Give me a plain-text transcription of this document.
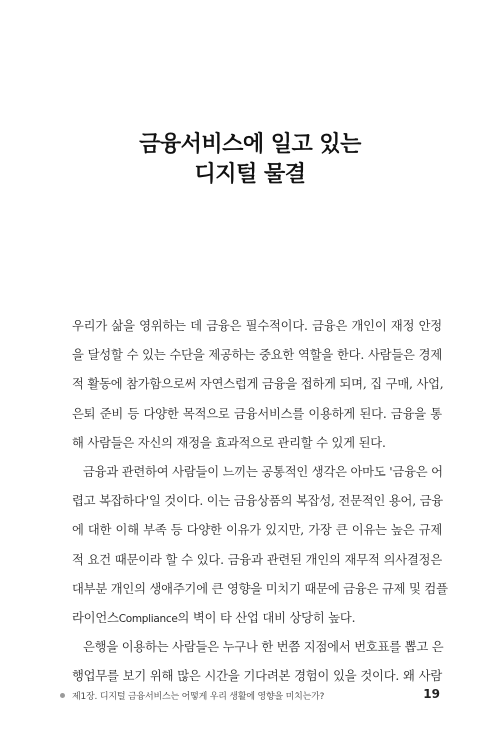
금융서비스에 일고 있는
디지털 물결
우리가 삶을 영위하는 데 금융은 필수적이다. 금융은 개인이 재정 안정
을 달성할 수 있는 수단을 제공하는 중요한 역할을 한다. 사람들은 경제
적 활동에 참가함으로써 자연스럽게 금융을 접하게 되며, 집 구매, 사업,
은퇴 준비 등 다양한 목적으로 금융서비스를 이용하게 된다. 금융을 통
해 사람들은 자신의 재정을 효과적으로 관리할 수 있게 된다.
금융과 관련하여 사람들이 느끼는 공통적인 생각은 아마도 '금융은 어
렵고 복잡하다'일 것이다. 이는 금융상품의 복잡성, 전문적인 용어, 금융
에 대한 이해 부족 등 다양한 이유가 있지만, 가장 큰 이유는 높은 규제
적 요건 때문이라 할 수 있다. 금융과 관련된 개인의 재무적 의사결정은
대부분 개인의 생애주기에 큰 영향을 미치기 때문에 금융은 규제 및 컴플
라이언스Compliance의 벽이 타 산업 대비 상당히 높다.
은행을 이용하는 사람들은 누구나 한 번쯤 지점에서 번호표를 뽑고 은
행업무를 보기 위해 많은 시간을 기다려본 경험이 있을 것이다. 왜 사람
제1장. 디지털 금융서비스는 어떻게 우리 생활에 영향을 미치는가?	19
